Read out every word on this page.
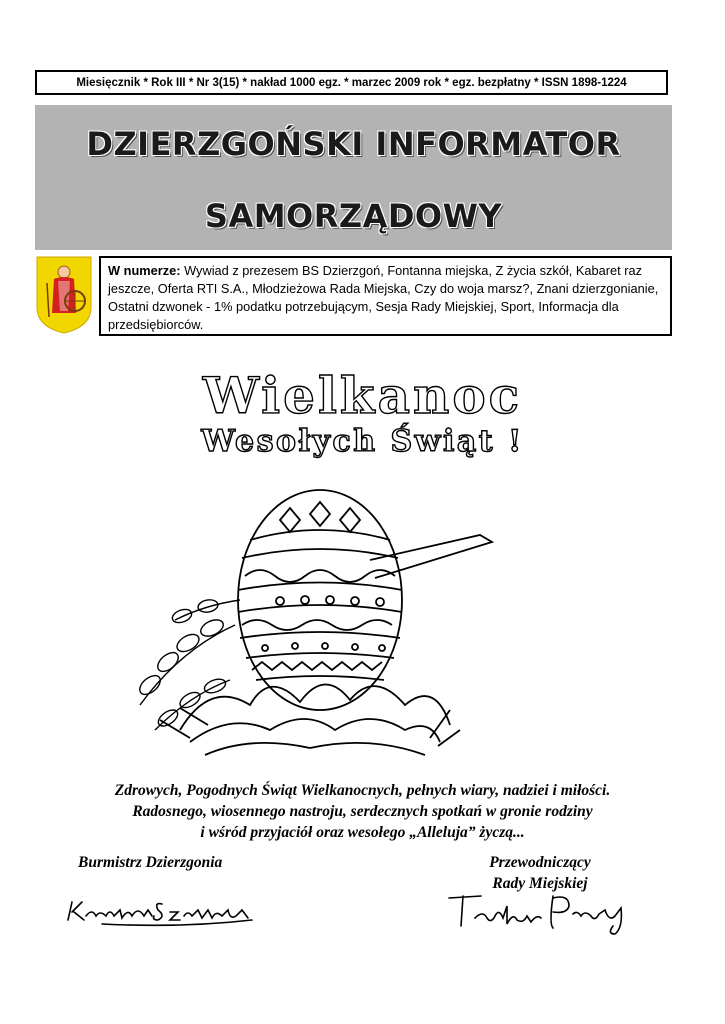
Miesięcznik * Rok III * Nr 3(15) * nakład 1000 egz. * marzec 2009 rok * egz. bezpłatny * ISSN 1898-1224
DZIERZGOŃSKI INFORMATOR
SAMORZĄDOWY
W numerze: Wywiad z prezesem BS Dzierzgoń, Fontanna miejska, Z życia szkół, Kabaret raz jeszcze, Oferta RTI S.A., Młodzieżowa Rada Miejska, Czy do woja marsz?, Znani dzierzgonianie, Ostatni dzwonek - 1% podatku potrzebującym, Sesja Rady Miejskiej, Sport, Informacja dla przedsiębiorców.
Wielkanoc
Wesołych Świąt !
Zdrowych, Pogodnych Świąt Wielkanocnych, pełnych wiary, nadziei i miłości.
Radosnego, wiosennego nastroju, serdecznych spotkań w gronie rodziny
i wśród przyjaciół oraz wesołego „Alleluja” życzą...
Burmistrz Dzierzgonia	Przewodniczący
Rady Miejskiej
